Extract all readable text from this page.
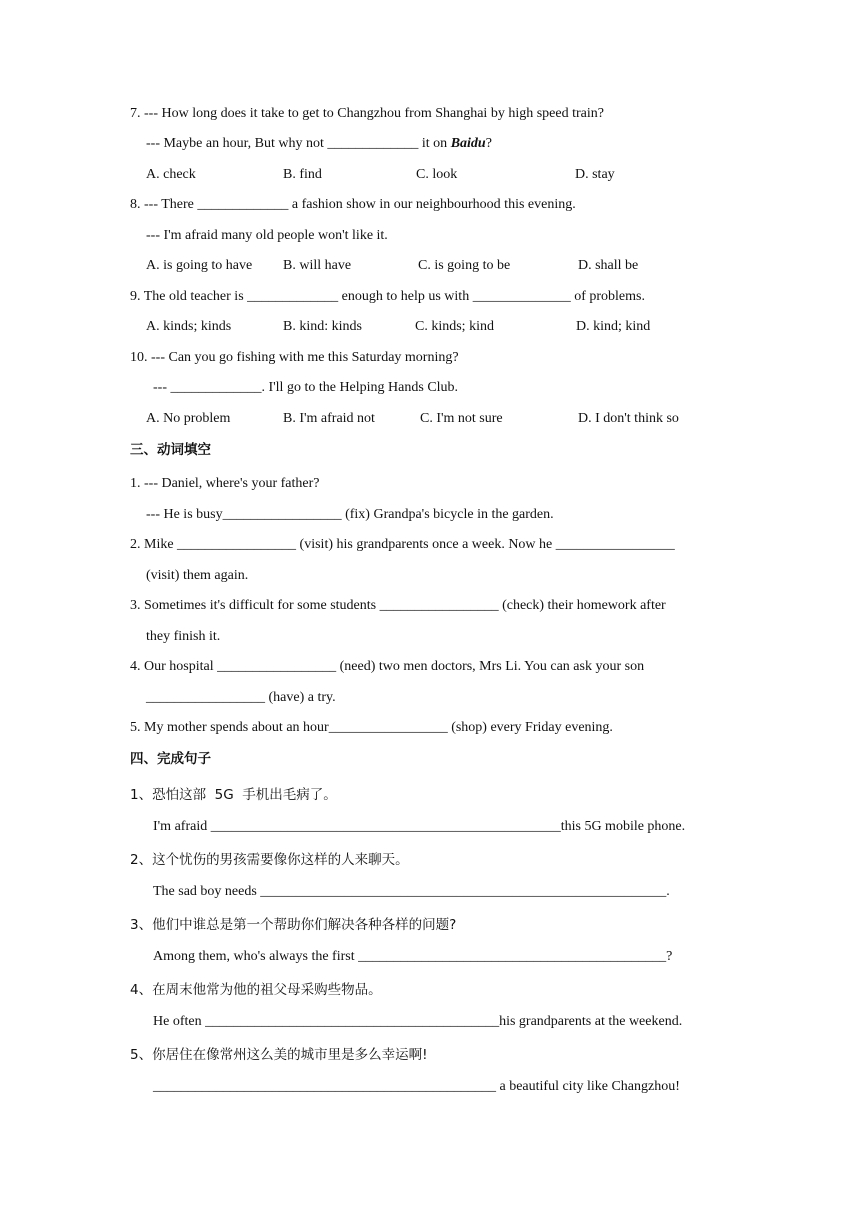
7. --- How long does it take to get to Changzhou from Shanghai by high speed train?
--- Maybe an hour, But why not _____________ it on Baidu?
A. check	B. find	C. look	D. stay
8. --- There _____________ a fashion show in our neighbourhood this evening.
--- I'm afraid many old people won't like it.
A. is going to have B. will have	C. is going to be	D. shall be
9. The old teacher is _____________ enough to help us with ______________ of problems.
A. kinds; kinds	B. kind: kinds	C. kinds; kind	D. kind; kind
10. --- Can you go fishing with me this Saturday morning?
--- _____________. I'll go to the Helping Hands Club.
A. No problem	B. I'm afraid not	C. I'm not sure	D. I don't think so
三、动词填空
1. --- Daniel, where's your father?
--- He is busy_________________ (fix) Grandpa's bicycle in the garden.
2. Mike _________________ (visit) his grandparents once a week. Now he _________________
(visit) them again.
3. Sometimes it's difficult for some students _________________ (check) their homework after
they finish it.
4. Our hospital _________________ (need) two men doctors, Mrs Li. You can ask your son
_________________ (have) a try.
5. My mother spends about an hour_________________ (shop) every Friday evening.
四、完成句子
1、恐怕这部  5G  手机出毛病了。
I'm afraid __________________________________________________this 5G mobile phone.
2、这个忧伤的男孩需要像你这样的人来聊天。
The sad boy needs __________________________________________________________.
3、他们中谁总是第一个帮助你们解决各种各样的问题?
Among them, who's always the first ____________________________________________?
4、在周末他常为他的祖父母采购些物品。
He often __________________________________________his grandparents at the weekend.
5、你居住在像常州这么美的城市里是多么幸运啊!
_________________________________________________ a beautiful city like Changzhou!
